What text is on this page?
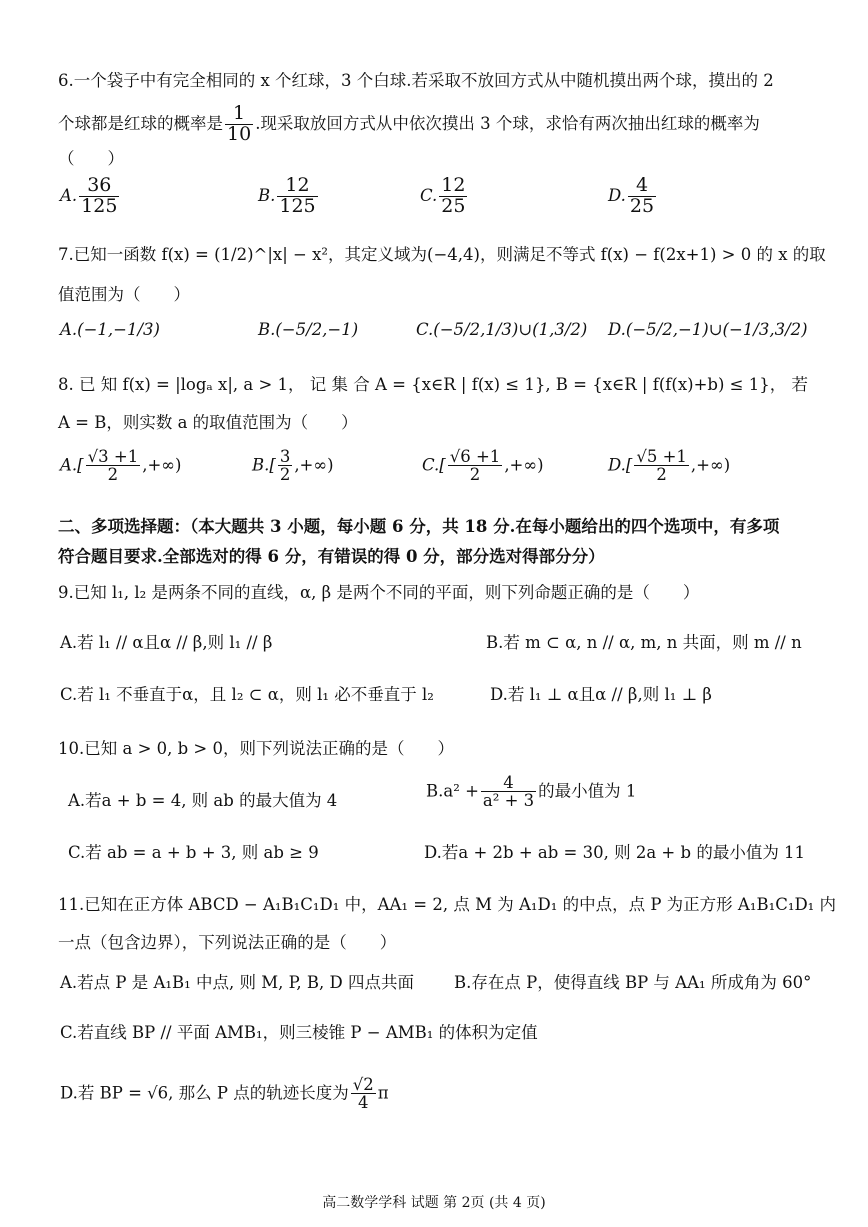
6.一个袋子中有完全相同的 x 个红球，3 个白球.若采取不放回方式从中随机摸出两个球，摸出的 2
个球都是红球的概率是 $\frac{1}{10}$ .现采取放回方式从中依次摸出 3 个球，求恰有两次抽出红球的概率为
（　　）
A. $\frac{36}{125}$	B. $\frac{12}{125}$	C. $\frac{12}{25}$	D. $\frac{4}{25}$
7.已知一函数 f(x) = (1/2)^|x| − x²，其定义域为(−4,4)，则满足不等式 f(x) − f(2x+1) > 0 的 x 的取
值范围为（　　）
A.(−1,−1/3)	B.(−5/2,−1)	C.(−5/2,1/3)∪(1,3/2) D.(−5/2,−1)∪(−1/3,3/2)
8. 已 知 f(x) = |logₐ x|, a > 1， 记 集 合 A = {x∈R | f(x) ≤ 1}, B = {x∈R | f(f(x)+b) ≤ 1}， 若
A = B，则实数 a 的取值范围为（　　）
$A.[ \frac{√3 +1}{2}$ ,+∞)	$B.[ \frac{3}{2}$ ,+∞)	$C.[ \frac{√6 +1}{2}$ ,+∞)	$D.[ \frac{√5 +1}{2}$ ,+∞)
二、多项选择题：（本大题共 3 小题，每小题 6 分，共 18 分.在每小题给出的四个选项中，有多项
符合题目要求.全部选对的得 6 分，有错误的得 0 分，部分选对得部分分）
9.已知 l₁, l₂ 是两条不同的直线，α, β 是两个不同的平面，则下列命题正确的是（　　）
A.若 l₁ // α且α // β,则 l₁ // β	B.若 m ⊂ α, n // α, m, n 共面，则 m // n
C.若 l₁ 不垂直于α，且 l₂ ⊂ α，则 l₁ 必不垂直于 l₂	D.若 l₁ ⊥ α且α // β,则 l₁ ⊥ β
10.已知 a > 0, b > 0，则下列说法正确的是（　　）
A.若a + b = 4, 则 ab 的最大值为 4
$B.a^2 + \frac{4}{\text{a² + 3}}$ 的最小值为 1
C.若 ab = a + b + 3, 则 ab ≥ 9	D.若a + 2b + ab = 30, 则 2a + b 的最小值为 11
11.已知在正方体 ABCD − A₁B₁C₁D₁ 中，AA₁ = 2, 点 M 为 A₁D₁ 的中点，点 P 为正方形 A₁B₁C₁D₁ 内
一点（包含边界），下列说法正确的是（　　）
A.若点 P 是 A₁B₁ 中点, 则 M, P, B, D 四点共面 B.存在点 P，使得直线 BP 与 AA₁ 所成角为 60°
C.若直线 BP // 平面 AMB₁，则三棱锥 P − AMB₁ 的体积为定值
D.若 BP = √6, 那么 P 点的轨迹长度为 $\frac{√2}{4}$ π
高二数学学科 试题 第 2页 (共 4 页)
